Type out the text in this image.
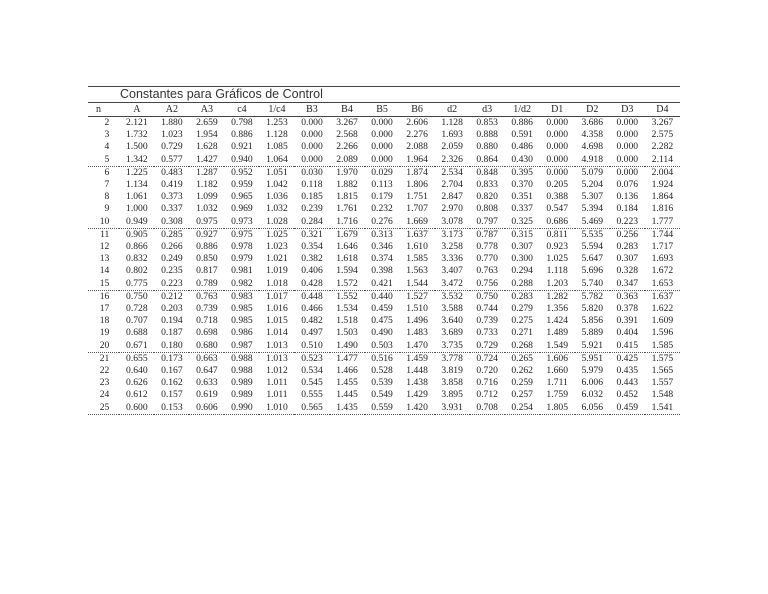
Constantes para Gráficos de Control
n	A	A2	A3	c4	1/c4	B3	B4	B5	B6	d2	d3	1/d2	D1	D2	D3	D4
2	2.121	1.880	2.659	0.798	1.253	0.000	3.267	0.000	2.606	1.128	0.853	0.886	0.000	3.686	0.000	3.267
3	1.732	1.023	1.954	0.886	1.128	0.000	2.568	0.000	2.276	1.693	0.888	0.591	0.000	4.358	0.000	2.575
4	1.500	0.729	1.628	0.921	1.085	0.000	2.266	0.000	2.088	2.059	0.880	0.486	0.000	4.698	0.000	2.282
5	1.342	0.577	1.427	0.940	1.064	0.000	2.089	0.000	1.964	2.326	0.864	0.430	0.000	4.918	0.000	2.114
6	1.225	0.483	1.287	0.952	1.051	0.030	1.970	0.029	1.874	2.534	0.848	0.395	0.000	5.079	0.000	2.004
7	1.134	0.419	1.182	0.959	1.042	0.118	1.882	0.113	1.806	2.704	0.833	0.370	0.205	5.204	0.076	1.924
8	1.061	0.373	1.099	0.965	1.036	0.185	1.815	0.179	1.751	2.847	0.820	0.351	0.388	5.307	0.136	1.864
9	1.000	0.337	1.032	0.969	1.032	0.239	1.761	0.232	1.707	2.970	0.808	0.337	0.547	5.394	0.184	1.816
10	0.949	0.308	0.975	0.973	1.028	0.284	1.716	0.276	1.669	3.078	0.797	0.325	0.686	5.469	0.223	1.777
11	0.905	0.285	0.927	0.975	1.025	0.321	1.679	0.313	1.637	3.173	0.787	0.315	0.811	5.535	0.256	1.744
12	0.866	0.266	0.886	0.978	1.023	0.354	1.646	0.346	1.610	3.258	0.778	0.307	0.923	5.594	0.283	1.717
13	0.832	0.249	0.850	0.979	1.021	0.382	1.618	0.374	1.585	3.336	0.770	0.300	1.025	5.647	0.307	1.693
14	0.802	0.235	0.817	0.981	1.019	0.406	1.594	0.398	1.563	3.407	0.763	0.294	1.118	5.696	0.328	1.672
15	0.775	0.223	0.789	0.982	1.018	0.428	1.572	0.421	1.544	3.472	0.756	0.288	1.203	5.740	0.347	1.653
16	0.750	0.212	0.763	0.983	1.017	0.448	1.552	0.440	1.527	3.532	0.750	0.283	1.282	5.782	0.363	1.637
17	0.728	0.203	0.739	0.985	1.016	0.466	1.534	0.459	1.510	3.588	0.744	0.279	1.356	5.820	0.378	1.622
18	0.707	0.194	0.718	0.985	1.015	0.482	1.518	0.475	1.496	3.640	0.739	0.275	1.424	5.856	0.391	1.609
19	0.688	0.187	0.698	0.986	1.014	0.497	1.503	0.490	1.483	3.689	0.733	0.271	1.489	5.889	0.404	1.596
20	0.671	0.180	0.680	0.987	1.013	0.510	1.490	0.503	1.470	3.735	0.729	0.268	1.549	5.921	0.415	1.585
21	0.655	0.173	0.663	0.988	1.013	0.523	1.477	0.516	1.459	3.778	0.724	0.265	1.606	5.951	0.425	1.575
22	0.640	0.167	0.647	0.988	1.012	0.534	1.466	0.528	1.448	3.819	0.720	0.262	1.660	5.979	0.435	1.565
23	0.626	0.162	0.633	0.989	1.011	0.545	1.455	0.539	1.438	3.858	0.716	0.259	1.711	6.006	0.443	1.557
24	0.612	0.157	0.619	0.989	1.011	0.555	1.445	0.549	1.429	3.895	0.712	0.257	1.759	6.032	0.452	1.548
25	0.600	0.153	0.606	0.990	1.010	0.565	1.435	0.559	1.420	3.931	0.708	0.254	1.805	6.056	0.459	1.541
